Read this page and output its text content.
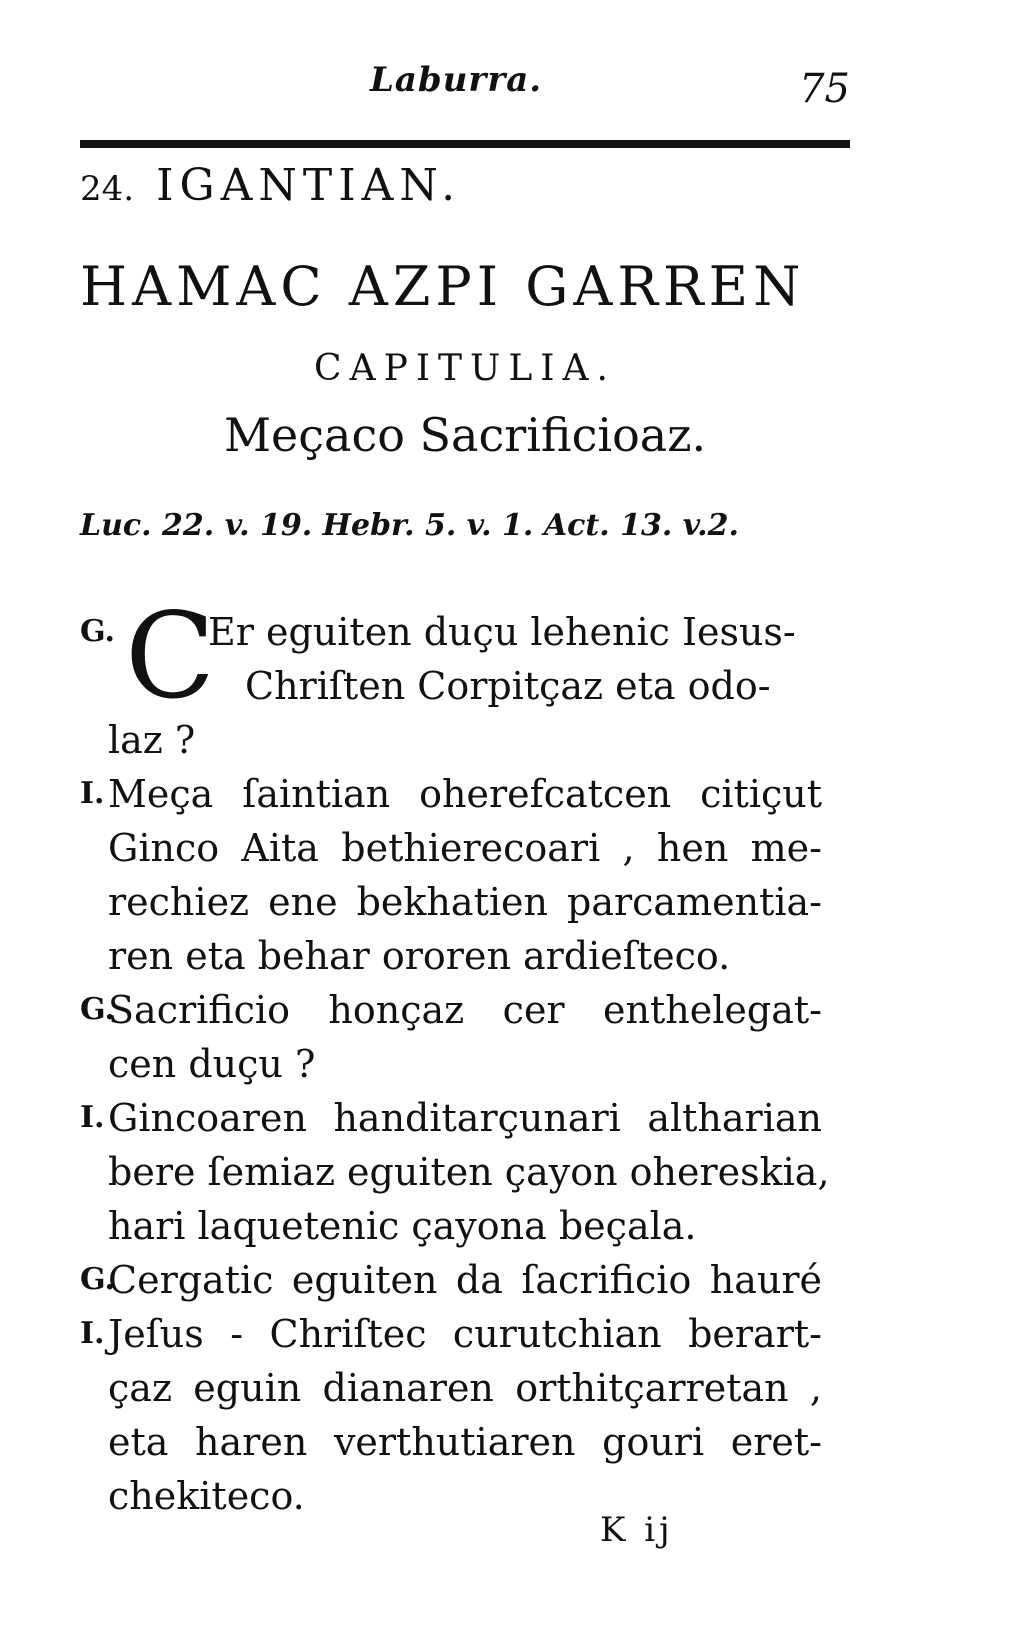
Laburra.	75
24. IGANTIAN.
HAMAC AZPI GARREN
CAPITULIA.
Meçaco Sacrificioaz.
Luc. 22. v. 19. Hebr. 5. v. 1. Act. 13. v.2.
G. C
Er eguiten duçu lehenic Iesus-
Chriſten Corpitçaz eta odo-
laz ?
I. Meça ſaintian oherefcatcen citiçut
Ginco Aita bethierecoari , hen me-
rechiez ene bekhatien parcamentia-
ren eta behar ororen ardieſteco.
G.
Sacrificio honçaz cer enthelegat-
cen duçu ?
I. Gincoaren handitarçunari altharian
bere ſemiaz eguiten çayon ohereskia,
hari laquetenic çayona beçala.
G.
Cergatic eguiten da ſacrificio hauré
I. Jeſus - Chriſtec curutchian berart-
çaz eguin dianaren orthitçarretan ,
eta haren verthutiaren gouri eret-
chekiteco.
K ij
